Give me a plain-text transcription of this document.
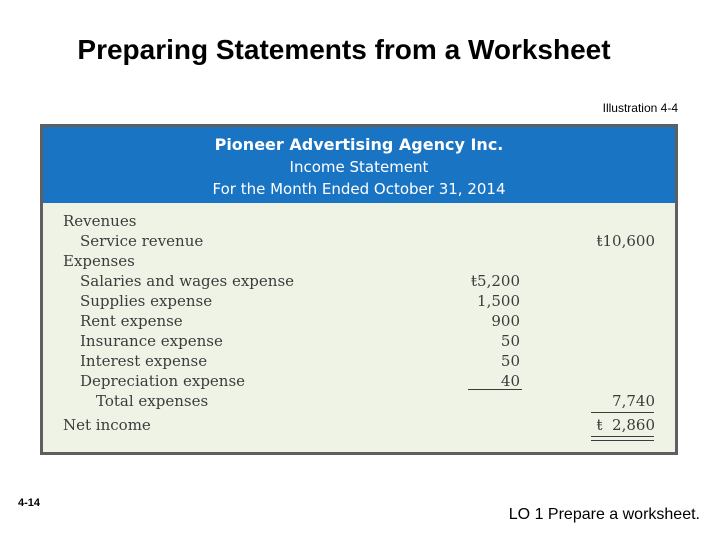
Preparing Statements from a Worksheet
Illustration 4-4
Pioneer Advertising Agency Inc.
Income Statement
For the Month Ended October 31, 2014
Revenues
Service revenue	ŧ10,600
Expenses
Salaries and wages expense	ŧ5,200
Supplies expense	1,500
Rent expense	900
Insurance expense	50
Interest expense	50
Depreciation expense	40
Total expenses	7,740
Net income	ŧ  2,860
4-14
LO 1 Prepare a worksheet.
